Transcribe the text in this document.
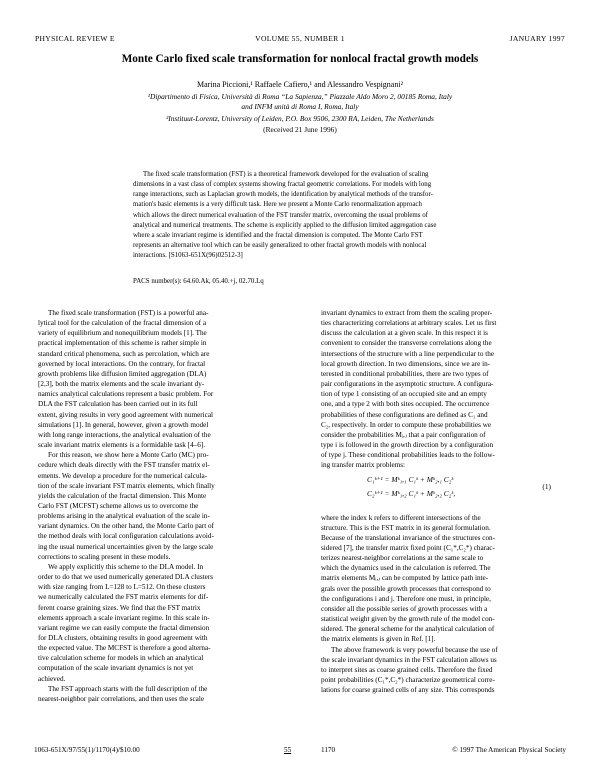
PHYSICAL REVIEW E	VOLUME 55, NUMBER 1	JANUARY 1997
Monte Carlo fixed scale transformation for nonlocal fractal growth models
Marina Piccioni,¹ Raffaele Cafiero,¹ and Alessandro Vespignani²
¹Dipartimento di Fisica, Università di Roma “La Sapienza,” Piazzale Aldo Moro 2, 00185 Roma, Italy
and INFM unità di Roma I, Roma, Italy
²Instituut-Lorentz, University of Leiden, P.O. Box 9506, 2300 RA, Leiden, The Netherlands
(Received 21 June 1996)

The fixed scale transformation (FST) is a theoretical framework developed for the evaluation of scaling

dimensions in a vast class of complex systems showing fractal geometric correlations. For models with long

range interactions, such as Laplacian growth models, the identification by analytical methods of the transfor-

mation's basic elements is a very difficult task. Here we present a Monte Carlo renormalization approach

which allows the direct numerical evaluation of the FST transfer matrix, overcoming the usual problems of

analytical and numerical treatments. The scheme is explicitly applied to the diffusion limited aggregation case

where a scale invariant regime is identified and the fractal dimension is computed. The Monte Carlo FST

represents an alternative tool which can be easily generalized to other fractal growth models with nonlocal

interactions. [S1063-651X(96)02512-3]

PACS number(s): 64.60.Ak, 05.40.+j, 02.70.Lq

The fixed scale transformation (FST) is a powerful ana-
lytical tool for the calculation of the fractal dimension of a
variety of equilibrium and nonequilibrium models [1]. The
practical implementation of this scheme is rather simple in
standard critical phenomena, such as percolation, which are
governed by local interactions. On the contrary, for fractal
growth problems like diffusion limited aggregation (DLA)
[2,3], both the matrix elements and the scale invariant dy-
namics analytical calculations represent a basic problem. For
DLA the FST calculation has been carried out in its full
extent, giving results in very good agreement with numerical
simulations [1]. In general, however, given a growth model
with long range interactions, the analytical evaluation of the
scale invariant matrix elements is a formidable task [4–6].

For this reason, we show here a Monte Carlo (MC) pro-
cedure which deals directly with the FST transfer matrix el-
ements. We develop a procedure for the numerical calcula-
tion of the scale invariant FST matrix elements, which finally
yields the calculation of the fractal dimension. This Monte
Carlo FST (MCFST) scheme allows us to overcome the
problems arising in the analytical evaluation of the scale in-
variant dynamics. On the other hand, the Monte Carlo part of
the method deals with local configuration calculations avoid-
ing the usual numerical uncertainties given by the large scale
corrections to scaling present in these models.

We apply explicitly this scheme to the DLA model. In
order to do that we used numerically generated DLA clusters
with size ranging from L=128 to L=512. On these clusters
we numerically calculated the FST matrix elements for dif-
ferent coarse graining sizes. We find that the FST matrix
elements approach a scale invariant regime. In this scale in-
variant regime we can easily compute the fractal dimension
for DLA clusters, obtaining results in good agreement with
the expected value. The MCFST is therefore a good alterna-
tive calculation scheme for models in which an analytical
computation of the scale invariant dynamics is not yet
achieved.

The FST approach starts with the full description of the
nearest-neighbor pair correlations, and then uses the scale

invariant dynamics to extract from them the scaling proper-
ties characterizing correlations at arbitrary scales. Let us first
discuss the calculation at a given scale. In this respect it is
convenient to consider the transverse correlations along the
intersections of the structure with a line perpendicular to the
local growth direction. In two dimensions, since we are in-
terested in conditional probabilities, there are two types of
pair configurations in the asymptotic structure. A configura-
tion of type 1 consisting of an occupied site and an empty
one, and a type 2 with both sites occupied. The occurrence
probabilities of these configurations are defined as C₁ and
C₂, respectively. In order to compute these probabilities we
consider the probabilities Mᵢ,ⱼ that a pair configuration of
type i is followed in the growth direction by a configuration
of type j. These conditional probabilities leads to the follow-
ing transfer matrix problems:

C₁ᵏ⁺¹ = Mᵏ₁,₁ C₁ᵏ + Mᵏ₂,₁ C₂ᵏ
C₂ᵏ⁺¹ = Mᵏ₁,₂ C₁ᵏ + Mᵏ₂,₂ C₂ᵏ,
(1)

where the index k refers to different intersections of the
structure. This is the FST matrix in its general formulation.
Because of the translational invariance of the structures con-
sidered [7], the transfer matrix fixed point (C₁*,C₂*) charac-
terizes nearest-neighbor correlations at the same scale to
which the dynamics used in the calculation is referred. The
matrix elements Mᵢ,ⱼ can be computed by lattice path inte-
grals over the possible growth processes that correspond to
the configurations i and j. Therefore one must, in principle,
consider all the possible series of growth processes with a
statistical weight given by the growth rule of the model con-
sidered. The general scheme for the analytical calculation of
the matrix elements is given in Ref. [1].

The above framework is very powerful because the use of
the scale invariant dynamics in the FST calculation allows us
to interpret sites as coarse grained cells. Therefore the fixed
point probabilities (C₁*,C₂*) characterize geometrical corre-
lations for coarse grained cells of any size. This corresponds

1063-651X/97/55(1)/1170(4)/$10.00	55	1170	© 1997 The American Physical Society
